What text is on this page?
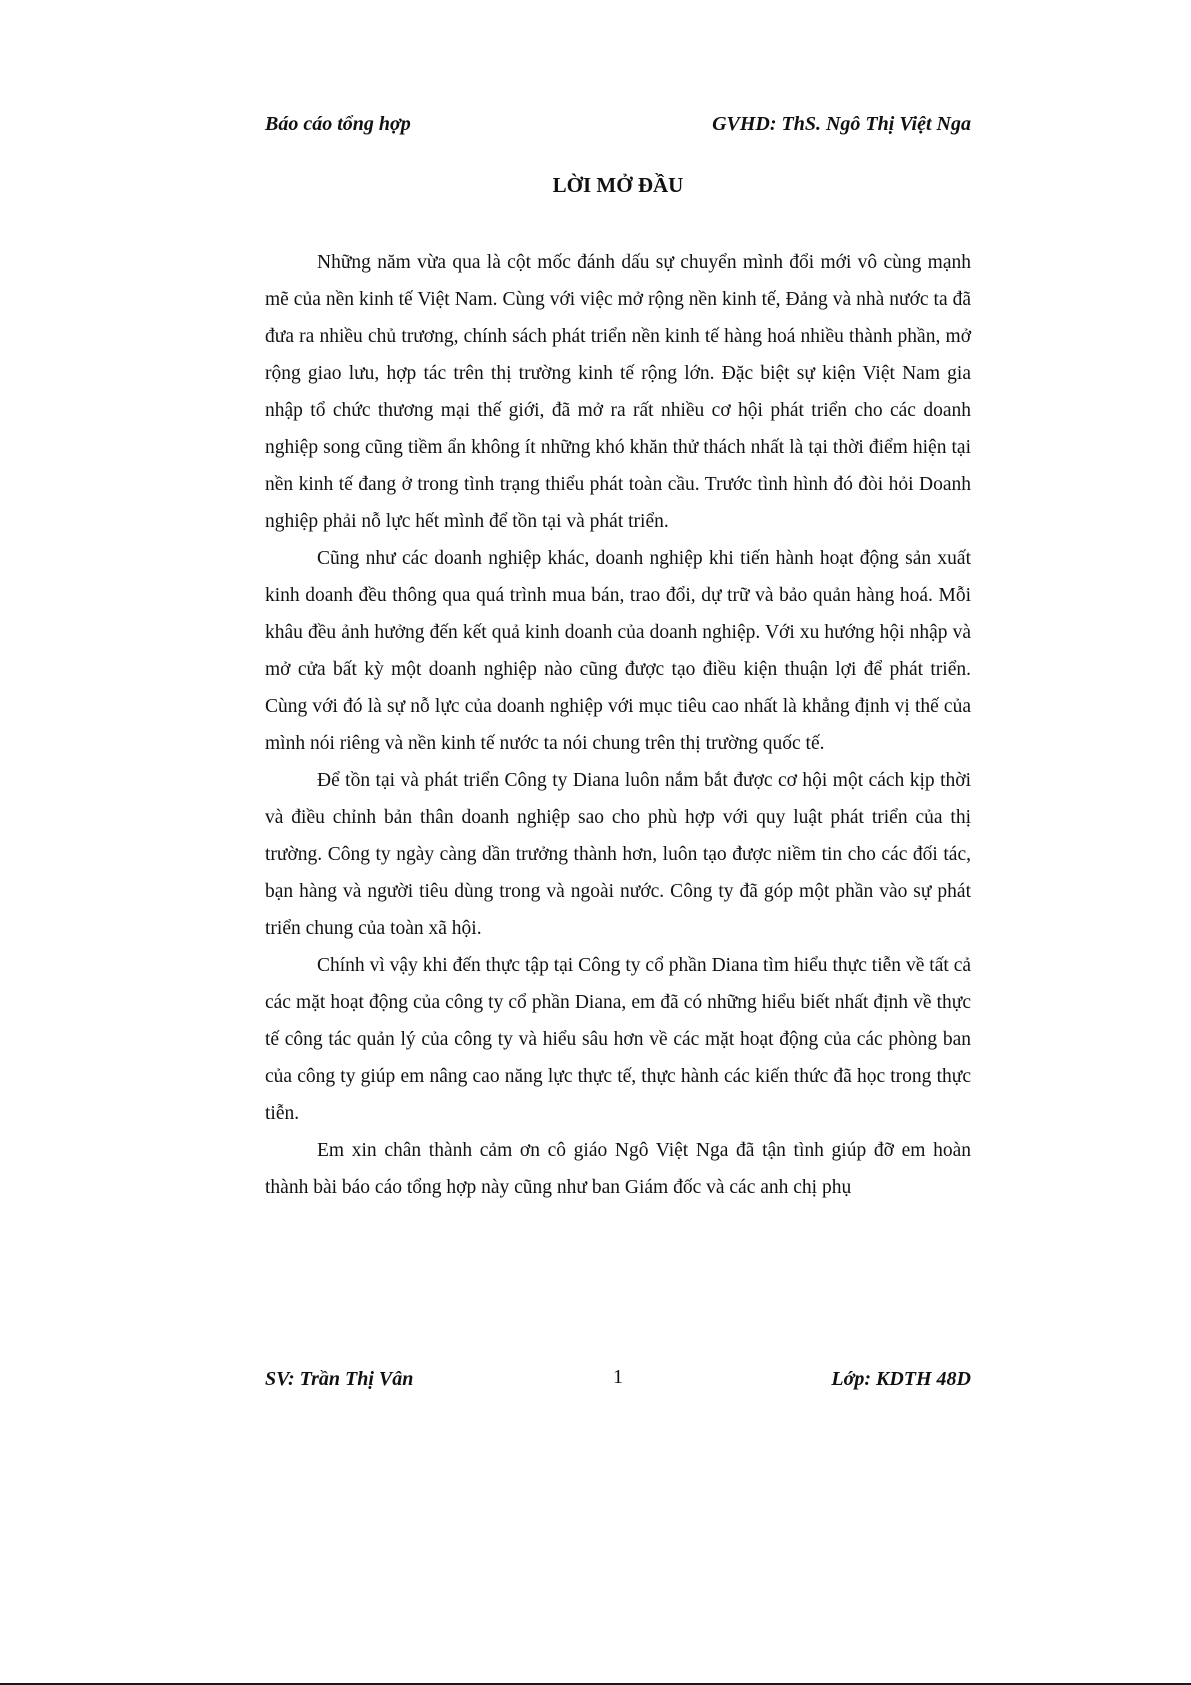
Báo cáo tổng hợp	GVHD: ThS. Ngô Thị Việt Nga
LỜI MỞ ĐẦU

Những năm vừa qua là cột mốc đánh dấu sự chuyển mình đổi mới vô cùng mạnh mẽ của nền kinh tế Việt Nam. Cùng với việc mở rộng nền kinh tế, Đảng và nhà nước ta đã đưa ra nhiều chủ trương, chính sách phát triển nền kinh tế hàng hoá nhiều thành phần, mở rộng giao lưu, hợp tác trên thị trường kinh tế rộng lớn. Đặc biệt sự kiện Việt Nam gia nhập tổ chức thương mại thế giới, đã mở ra rất nhiều cơ hội phát triển cho các doanh nghiệp song cũng tiềm ẩn không ít những khó khăn thử thách nhất là tại thời điểm hiện tại nền kinh tế đang ở trong tình trạng thiểu phát toàn cầu. Trước tình hình đó đòi hỏi Doanh nghiệp phải nỗ lực hết mình để tồn tại và phát triển.

Cũng như các doanh nghiệp khác, doanh nghiệp khi tiến hành hoạt động sản xuất kinh doanh đều thông qua quá trình mua bán, trao đổi, dự trữ và bảo quản hàng hoá. Mỗi khâu đều ảnh hưởng đến kết quả kinh doanh của doanh nghiệp. Với xu hướng hội nhập và mở cửa bất kỳ một doanh nghiệp nào cũng được tạo điều kiện thuận lợi để phát triển. Cùng với đó là sự nỗ lực của doanh nghiệp với mục tiêu cao nhất là khẳng định vị thế của mình nói riêng và nền kinh tế nước ta nói chung trên thị trường quốc tế.

Để tồn tại và phát triển Công ty Diana luôn nắm bắt được cơ hội một cách kịp thời và điều chỉnh bản thân doanh nghiệp sao cho phù hợp với quy luật phát triển của thị trường. Công ty ngày càng dần trưởng thành hơn, luôn tạo được niềm tin cho các đối tác, bạn hàng và người tiêu dùng trong và ngoài nước. Công ty đã góp một phần vào sự phát triển chung của toàn xã hội.

Chính vì vậy khi đến thực tập tại Công ty cổ phần Diana tìm hiểu thực tiễn về tất cả các mặt hoạt động của công ty cổ phần Diana, em đã có những hiểu biết nhất định về thực tế công tác quản lý của công ty và hiểu sâu hơn về các mặt hoạt động của các phòng ban của công ty giúp em nâng cao năng lực thực tế, thực hành các kiến thức đã học trong thực tiễn.

Em xin chân thành cảm ơn cô giáo Ngô Việt Nga đã tận tình giúp đỡ em hoàn thành bài báo cáo tổng hợp này cũng như ban Giám đốc và các anh chị phụ

SV: Trần Thị Vân	1	Lớp: KDTH 48D
